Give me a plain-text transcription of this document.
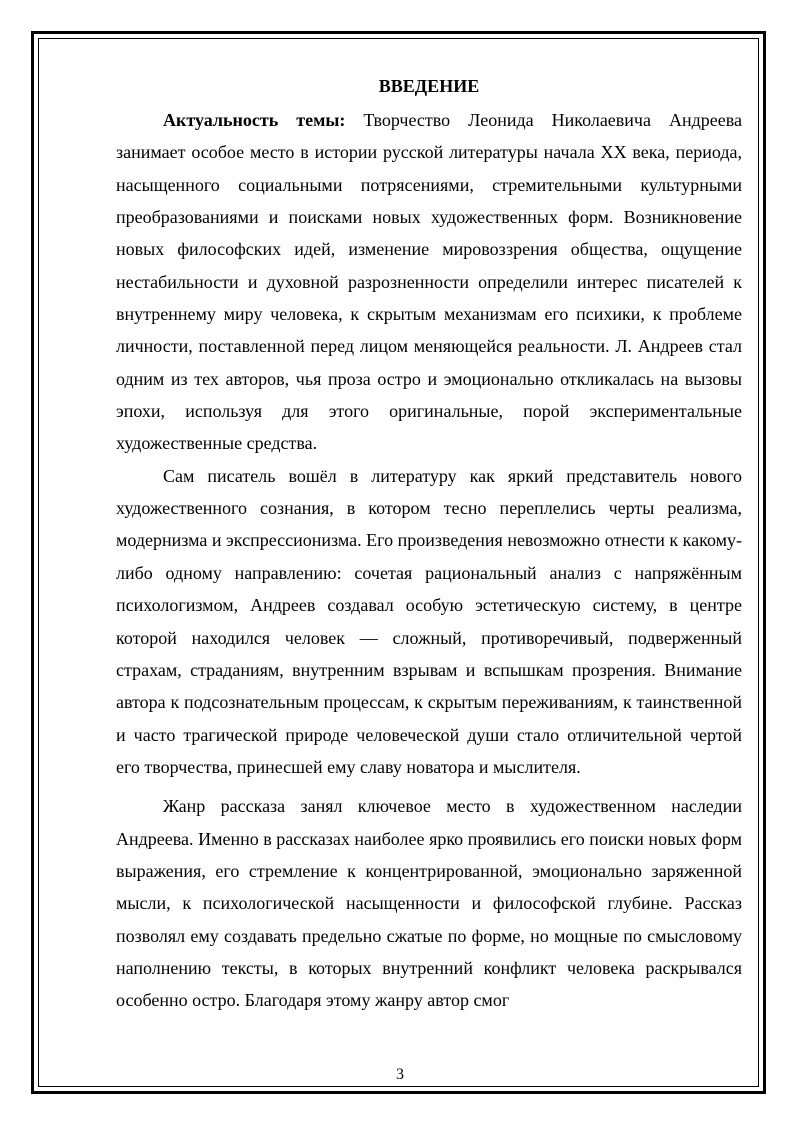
ВВЕДЕНИЕ

Актуальность темы: Творчество Леонида Николаевича Андреева занимает особое место в истории русской литературы начала XX века, периода, насыщенного социальными потрясениями, стремительными культурными преобразованиями и поисками новых художественных форм. Возникновение новых философских идей, изменение мировоззрения общества, ощущение нестабильности и духовной разрозненности определили интерес писателей к внутреннему миру человека, к скрытым механизмам его психики, к проблеме личности, поставленной перед лицом меняющейся реальности. Л. Андреев стал одним из тех авторов, чья проза остро и эмоционально откликалась на вызовы эпохи, используя для этого оригинальные, порой экспериментальные художественные средства.

Сам писатель вошёл в литературу как яркий представитель нового художественного сознания, в котором тесно переплелись черты реализма, модернизма и экспрессионизма. Его произведения невозможно отнести к какому-либо одному направлению: сочетая рациональный анализ с напряжённым психологизмом, Андреев создавал особую эстетическую систему, в центре которой находился человек — сложный, противоречивый, подверженный страхам, страданиям, внутренним взрывам и вспышкам прозрения. Внимание автора к подсознательным процессам, к скрытым переживаниям, к таинственной и часто трагической природе человеческой души стало отличительной чертой его творчества, принесшей ему славу новатора и мыслителя.

Жанр рассказа занял ключевое место в художественном наследии Андреева. Именно в рассказах наиболее ярко проявились его поиски новых форм выражения, его стремление к концентрированной, эмоционально заряженной мысли, к психологической насыщенности и философской глубине. Рассказ позволял ему создавать предельно сжатые по форме, но мощные по смысловому наполнению тексты, в которых внутренний конфликт человека раскрывался особенно остро. Благодаря этому жанру автор смог

3
